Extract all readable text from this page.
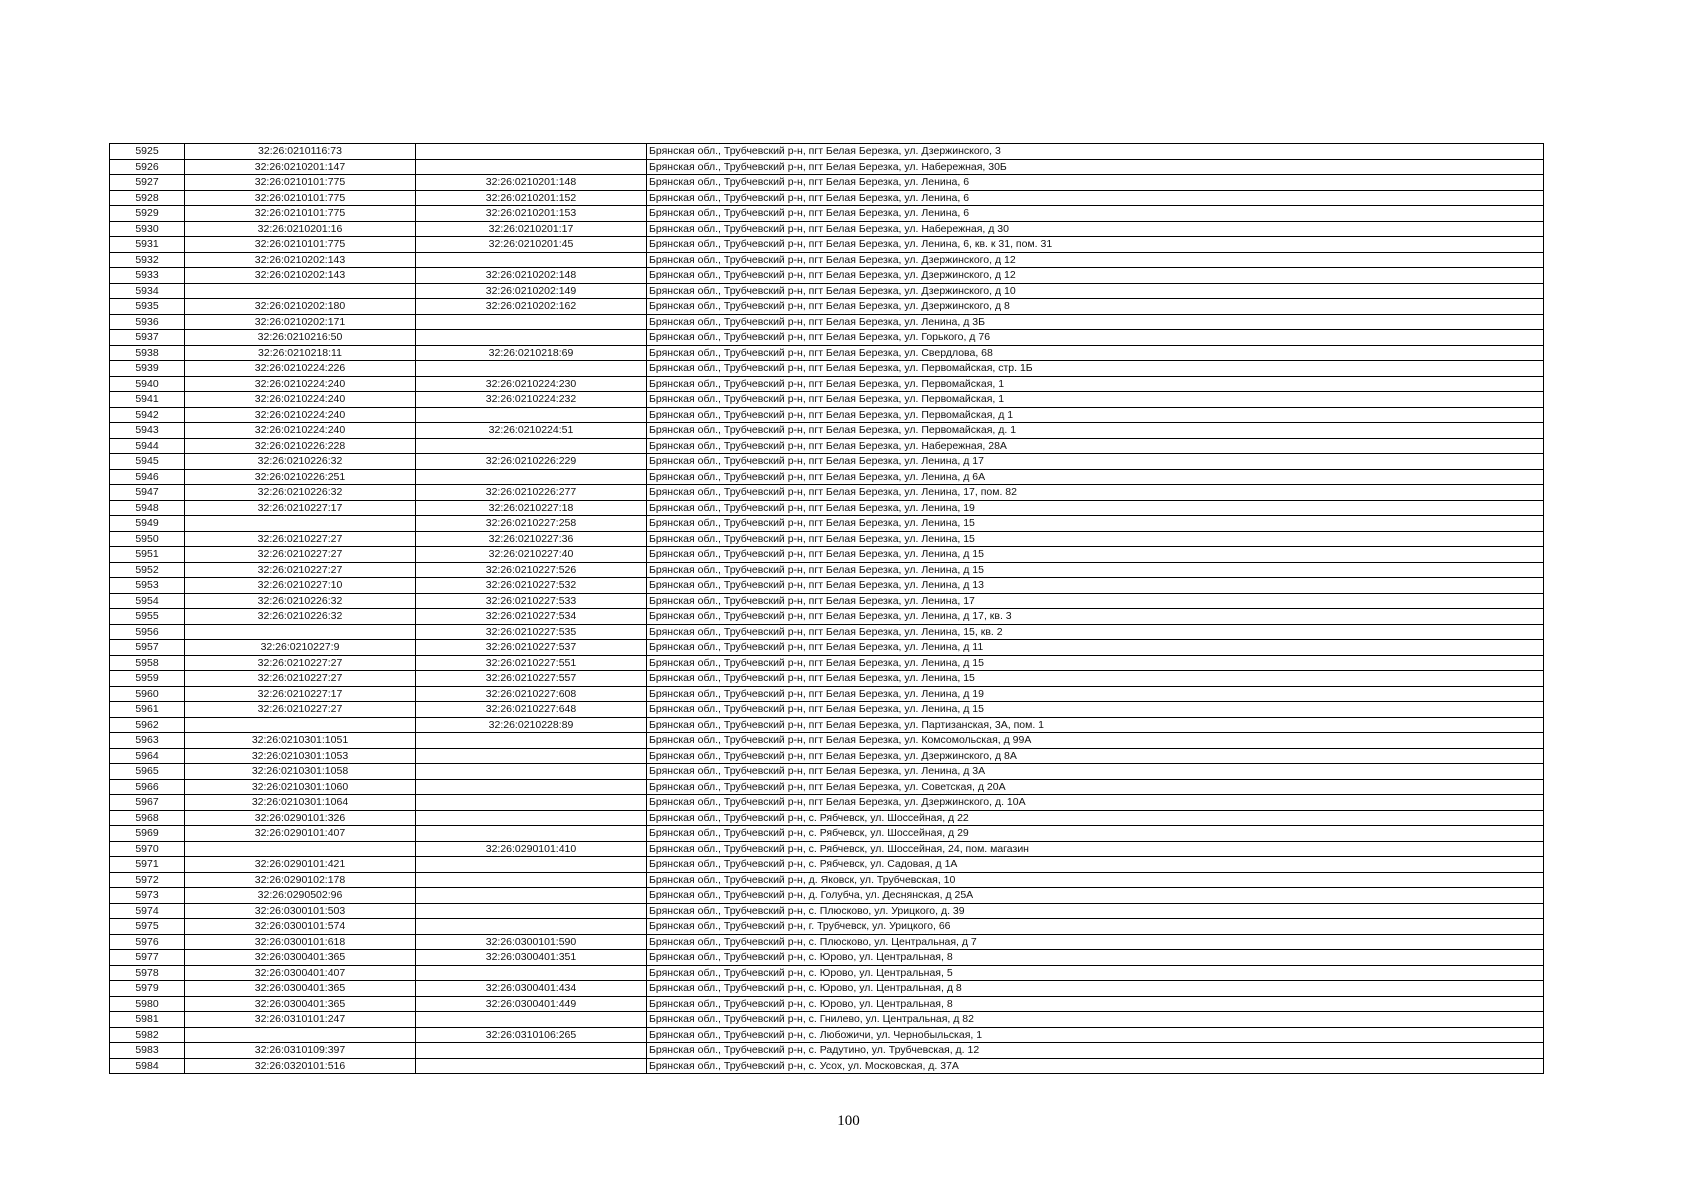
5925	32:26:0210116:73		Брянская обл., Трубчевский р-н, пгт Белая Березка, ул. Дзержинского, 3
5926	32:26:0210201:147		Брянская обл., Трубчевский р-н, пгт Белая Березка, ул. Набережная, 30Б
5927	32:26:0210101:775	32:26:0210201:148	Брянская обл., Трубчевский р-н, пгт Белая Березка, ул. Ленина, 6
5928	32:26:0210101:775	32:26:0210201:152	Брянская обл., Трубчевский р-н, пгт Белая Березка, ул. Ленина, 6
5929	32:26:0210101:775	32:26:0210201:153	Брянская обл., Трубчевский р-н, пгт Белая Березка, ул. Ленина, 6
5930	32:26:0210201:16	32:26:0210201:17	Брянская обл., Трубчевский р-н, пгт Белая Березка, ул. Набережная, д 30
5931	32:26:0210101:775	32:26:0210201:45	Брянская обл., Трубчевский р-н, пгт Белая Березка, ул. Ленина, 6, кв. к 31, пом. 31
5932	32:26:0210202:143		Брянская обл., Трубчевский р-н, пгт Белая Березка, ул. Дзержинского, д 12
5933	32:26:0210202:143	32:26:0210202:148	Брянская обл., Трубчевский р-н, пгт Белая Березка, ул. Дзержинского, д 12
5934		32:26:0210202:149	Брянская обл., Трубчевский р-н, пгт Белая Березка, ул. Дзержинского, д 10
5935	32:26:0210202:180	32:26:0210202:162	Брянская обл., Трубчевский р-н, пгт Белая Березка, ул. Дзержинского, д 8
5936	32:26:0210202:171		Брянская обл., Трубчевский р-н, пгт Белая Березка, ул. Ленина, д 3Б
5937	32:26:0210216:50		Брянская обл., Трубчевский р-н, пгт Белая Березка, ул. Горького, д 76
5938	32:26:0210218:11	32:26:0210218:69	Брянская обл., Трубчевский р-н, пгт Белая Березка, ул. Свердлова, 68
5939	32:26:0210224:226		Брянская обл., Трубчевский р-н, пгт Белая Березка, ул. Первомайская, стр. 1Б
5940	32:26:0210224:240	32:26:0210224:230	Брянская обл., Трубчевский р-н, пгт Белая Березка, ул. Первомайская, 1
5941	32:26:0210224:240	32:26:0210224:232	Брянская обл., Трубчевский р-н, пгт Белая Березка, ул. Первомайская, 1
5942	32:26:0210224:240		Брянская обл., Трубчевский р-н, пгт Белая Березка, ул. Первомайская, д 1
5943	32:26:0210224:240	32:26:0210224:51	Брянская обл., Трубчевский р-н, пгт Белая Березка, ул. Первомайская, д. 1
5944	32:26:0210226:228		Брянская обл., Трубчевский р-н, пгт Белая Березка, ул. Набережная, 28А
5945	32:26:0210226:32	32:26:0210226:229	Брянская обл., Трубчевский р-н, пгт Белая Березка, ул. Ленина, д 17
5946	32:26:0210226:251		Брянская обл., Трубчевский р-н, пгт Белая Березка, ул. Ленина, д 6А
5947	32:26:0210226:32	32:26:0210226:277	Брянская обл., Трубчевский р-н, пгт Белая Березка, ул. Ленина, 17, пом. 82
5948	32:26:0210227:17	32:26:0210227:18	Брянская обл., Трубчевский р-н, пгт Белая Березка, ул. Ленина, 19
5949		32:26:0210227:258	Брянская обл., Трубчевский р-н, пгт Белая Березка, ул. Ленина, 15
5950	32:26:0210227:27	32:26:0210227:36	Брянская обл., Трубчевский р-н, пгт Белая Березка, ул. Ленина, 15
5951	32:26:0210227:27	32:26:0210227:40	Брянская обл., Трубчевский р-н, пгт Белая Березка, ул. Ленина, д 15
5952	32:26:0210227:27	32:26:0210227:526	Брянская обл., Трубчевский р-н, пгт Белая Березка, ул. Ленина, д 15
5953	32:26:0210227:10	32:26:0210227:532	Брянская обл., Трубчевский р-н, пгт Белая Березка, ул. Ленина, д 13
5954	32:26:0210226:32	32:26:0210227:533	Брянская обл., Трубчевский р-н, пгт Белая Березка, ул. Ленина, 17
5955	32:26:0210226:32	32:26:0210227:534	Брянская обл., Трубчевский р-н, пгт Белая Березка, ул. Ленина, д 17, кв. 3
5956		32:26:0210227:535	Брянская обл., Трубчевский р-н, пгт Белая Березка, ул. Ленина, 15, кв. 2
5957	32:26:0210227:9	32:26:0210227:537	Брянская обл., Трубчевский р-н, пгт Белая Березка, ул. Ленина, д 11
5958	32:26:0210227:27	32:26:0210227:551	Брянская обл., Трубчевский р-н, пгт Белая Березка, ул. Ленина, д 15
5959	32:26:0210227:27	32:26:0210227:557	Брянская обл., Трубчевский р-н, пгт Белая Березка, ул. Ленина, 15
5960	32:26:0210227:17	32:26:0210227:608	Брянская обл., Трубчевский р-н, пгт Белая Березка, ул. Ленина, д 19
5961	32:26:0210227:27	32:26:0210227:648	Брянская обл., Трубчевский р-н, пгт Белая Березка, ул. Ленина, д 15
5962		32:26:0210228:89	Брянская обл., Трубчевский р-н, пгт Белая Березка, ул. Партизанская, 3А, пом. 1
5963	32:26:0210301:1051		Брянская обл., Трубчевский р-н, пгт Белая Березка, ул. Комсомольская, д 99А
5964	32:26:0210301:1053		Брянская обл., Трубчевский р-н, пгт Белая Березка, ул. Дзержинского, д 8А
5965	32:26:0210301:1058		Брянская обл., Трубчевский р-н, пгт Белая Березка, ул. Ленина, д 3А
5966	32:26:0210301:1060		Брянская обл., Трубчевский р-н, пгт Белая Березка, ул. Советская, д 20А
5967	32:26:0210301:1064		Брянская обл., Трубчевский р-н, пгт Белая Березка, ул. Дзержинского, д. 10А
5968	32:26:0290101:326		Брянская обл., Трубчевский р-н, с. Рябчевск, ул. Шоссейная, д 22
5969	32:26:0290101:407		Брянская обл., Трубчевский р-н, с. Рябчевск, ул. Шоссейная, д 29
5970		32:26:0290101:410	Брянская обл., Трубчевский р-н, с. Рябчевск, ул. Шоссейная, 24, пом. магазин
5971	32:26:0290101:421		Брянская обл., Трубчевский р-н, с. Рябчевск, ул. Садовая, д 1А
5972	32:26:0290102:178		Брянская обл., Трубчевский р-н, д. Яковск, ул. Трубчевская, 10
5973	32:26:0290502:96		Брянская обл., Трубчевский р-н, д. Голубча, ул. Деснянская, д 25А
5974	32:26:0300101:503		Брянская обл., Трубчевский р-н, с. Плюсково, ул. Урицкого, д. 39
5975	32:26:0300101:574		Брянская обл., Трубчевский р-н, г. Трубчевск, ул. Урицкого, 66
5976	32:26:0300101:618	32:26:0300101:590	Брянская обл., Трубчевский р-н, с. Плюсково, ул. Центральная, д 7
5977	32:26:0300401:365	32:26:0300401:351	Брянская обл., Трубчевский р-н, с. Юрово, ул. Центральная, 8
5978	32:26:0300401:407		Брянская обл., Трубчевский р-н, с. Юрово, ул. Центральная, 5
5979	32:26:0300401:365	32:26:0300401:434	Брянская обл., Трубчевский р-н, с. Юрово, ул. Центральная, д 8
5980	32:26:0300401:365	32:26:0300401:449	Брянская обл., Трубчевский р-н, с. Юрово, ул. Центральная, 8
5981	32:26:0310101:247		Брянская обл., Трубчевский р-н, с. Гнилево, ул. Центральная, д 82
5982		32:26:0310106:265	Брянская обл., Трубчевский р-н, с. Любожичи, ул. Чернобыльская, 1
5983	32:26:0310109:397		Брянская обл., Трубчевский р-н, с. Радутино, ул. Трубчевская, д. 12
5984	32:26:0320101:516		Брянская обл., Трубчевский р-н, с. Усох, ул. Московская, д. 37А
100
